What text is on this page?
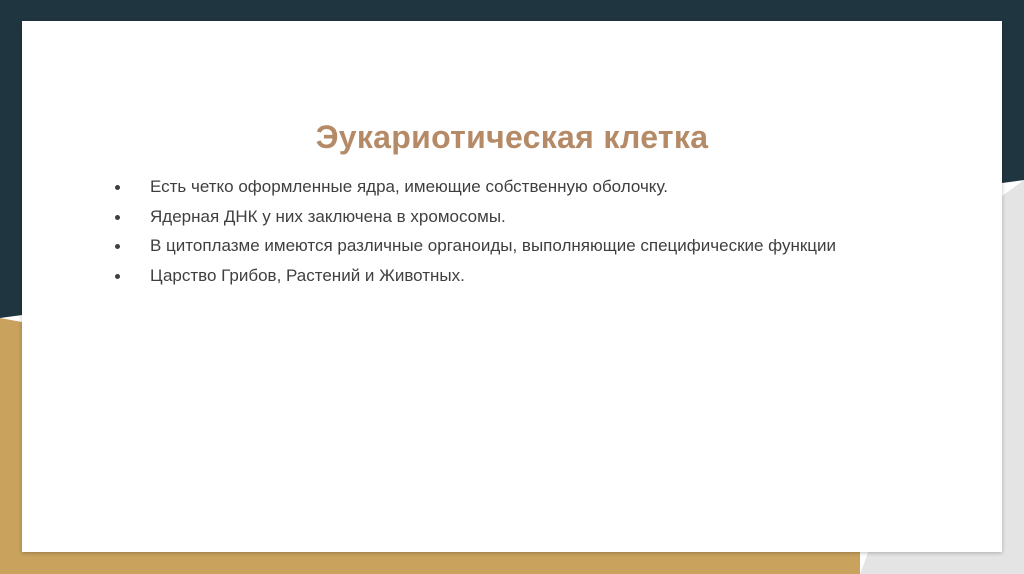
Эукариотическая клетка
Есть четко оформленные ядра, имеющие собственную оболочку.
Ядерная ДНК у них заключена в хромосомы.
В цитоплазме имеются различные органоиды, выполняющие специфические функции
Царство Грибов, Растений и Животных.
